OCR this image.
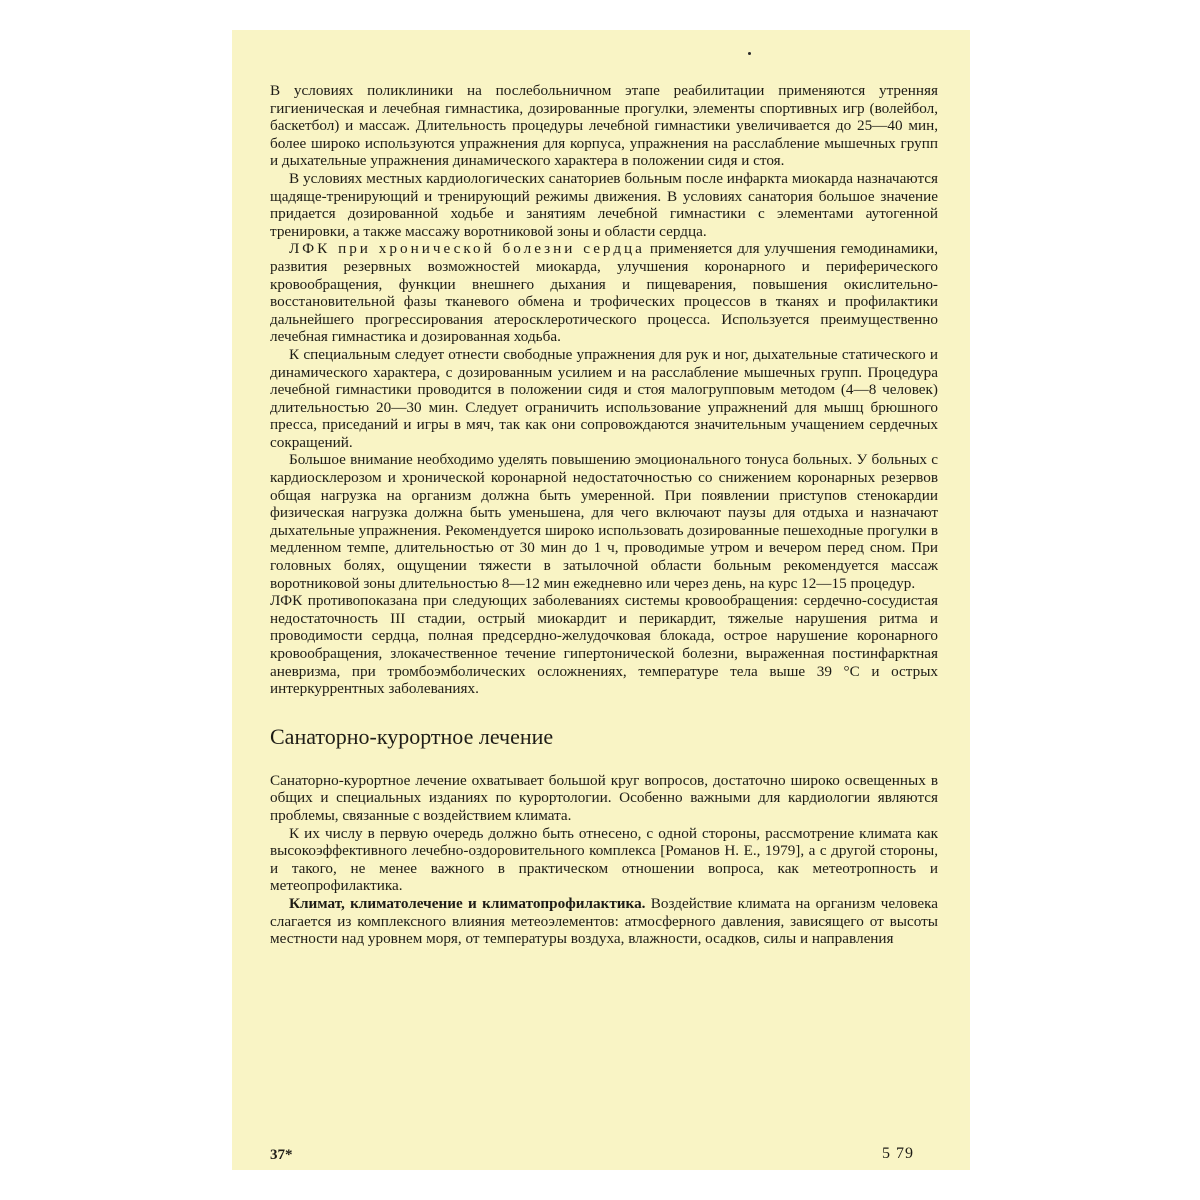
В условиях поликлиники на послебольничном этапе реабилитации применяются утренняя гигиеническая и лечебная гимнастика, дозированные прогулки, элементы спортивных игр (волейбол, баскетбол) и массаж. Длительность процедуры лечебной гимнастики увеличивается до 25—40 мин, более широко используются упражнения для корпуса, упражнения на расслабление мышечных групп и дыхательные упражнения динамического характера в положении сидя и стоя.

В условиях местных кардиологических санаториев больным после инфаркта миокарда назначаются щадяще-тренирующий и тренирующий режимы движения. В условиях санатория большое значение придается дозированной ходьбе и занятиям лечебной гимнастики с элементами аутогенной тренировки, а также массажу воротниковой зоны и области сердца.

ЛФК при хронической болезни сердца применяется для улучшения гемодинамики, развития резервных возможностей миокарда, улучшения коронарного и периферического кровообращения, функции внешнего дыхания и пищеварения, повышения окислительно-восстановительной фазы тканевого обмена и трофических процессов в тканях и профилактики дальнейшего прогрессирования атеросклеротического процесса. Используется преимущественно лечебная гимнастика и дозированная ходьба.

К специальным следует отнести свободные упражнения для рук и ног, дыхательные статического и динамического характера, с дозированным усилием и на расслабление мышечных групп. Процедура лечебной гимнастики проводится в положении сидя и стоя малогрупповым методом (4—8 человек) длительностью 20—30 мин. Следует ограничить использование упражнений для мышц брюшного пресса, приседаний и игры в мяч, так как они сопровождаются значительным учащением сердечных сокращений.

Большое внимание необходимо уделять повышению эмоционального тонуса больных. У больных с кардиосклерозом и хронической коронарной недостаточностью со снижением коронарных резервов общая нагрузка на организм должна быть умеренной. При появлении приступов стенокардии физическая нагрузка должна быть уменьшена, для чего включают паузы для отдыха и назначают дыхательные упражнения. Рекомендуется широко использовать дозированные пешеходные прогулки в медленном темпе, длительностью от 30 мин до 1 ч, проводимые утром и вечером перед сном. При головных болях, ощущении тяжести в затылочной области больным рекомендуется массаж воротниковой зоны длительностью 8—12 мин ежедневно или через день, на курс 12—15 процедур.

ЛФК противопоказана при следующих заболеваниях системы кровообращения: сердечно-сосудистая недостаточность III стадии, острый миокардит и перикардит, тяжелые нарушения ритма и проводимости сердца, полная предсердно-желудочковая блокада, острое нарушение коронарного кровообращения, злокачественное течение гипертонической болезни, выраженная постинфарктная аневризма, при тромбоэмболических осложнениях, температуре тела выше 39 °С и острых интеркуррентных заболеваниях.

Санаторно-курортное лечение

Санаторно-курортное лечение охватывает большой круг вопросов, достаточно широко освещенных в общих и специальных изданиях по курортологии. Особенно важными для кардиологии являются проблемы, связанные с воздействием климата.

К их числу в первую очередь должно быть отнесено, с одной стороны, рассмотрение климата как высокоэффективного лечебно-оздоровительного комплекса [Романов Н. Е., 1979], а с другой стороны, и такого, не менее важного в практическом отношении вопроса, как метеотропность и метеопрофилактика.

Климат, климатолечение и климатопрофилактика. Воздействие климата на организм человека слагается из комплексного влияния метеоэлементов: атмосферного давления, зависящего от высоты местности над уровнем моря, от температуры воздуха, влажности, осадков, силы и направления

37*	5 79
